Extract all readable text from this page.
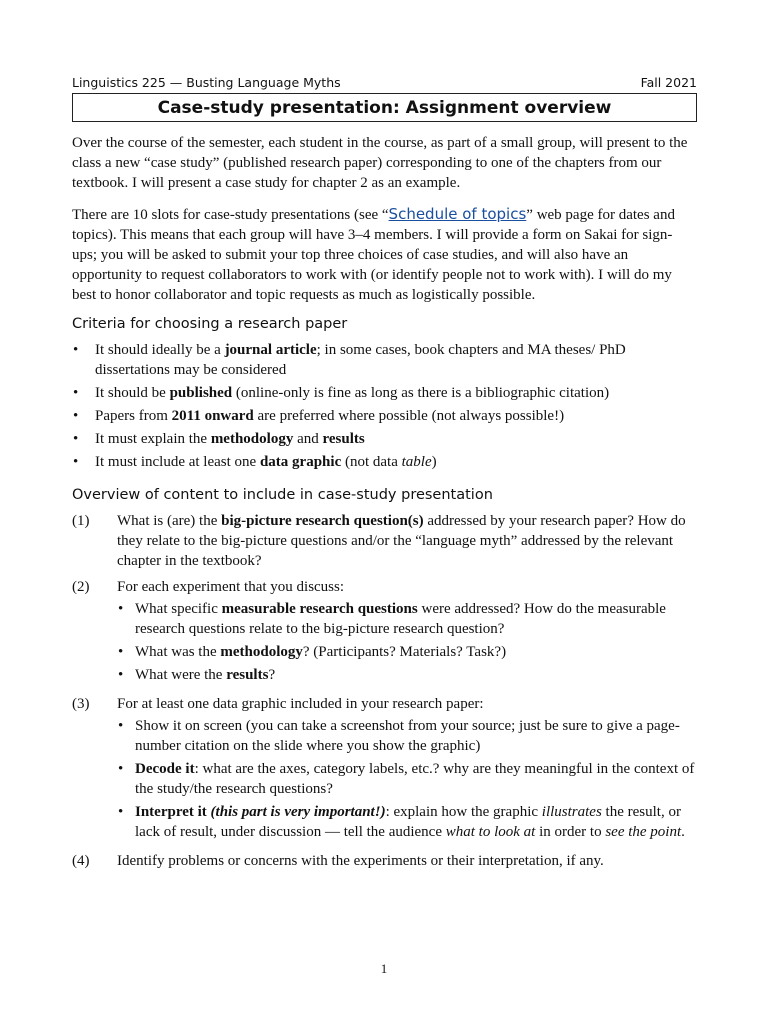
Linguistics 225 — Busting Language Myths	Fall 2021
Case-study presentation: Assignment overview

Over the course of the semester, each student in the course, as part of a small group, will present to the class a new “case study” (published research paper) corresponding to one of the chapters from our textbook. I will present a case study for chapter 2 as an example.

There are 10 slots for case-study presentations (see “Schedule of topics” web page for dates and topics). This means that each group will have 3–4 members. I will provide a form on Sakai for sign-ups; you will be asked to submit your top three choices of case studies, and will also have an opportunity to request collaborators to work with (or identify people not to work with). I will do my best to honor collaborator and topic requests as much as logistically possible.

Criteria for choosing a research paper
• It should ideally be a journal article; in some cases, book chapters and MA theses/ PhD dissertations may be considered
• It should be published (online-only is fine as long as there is a bibliographic citation)
• Papers from 2011 onward are preferred where possible (not always possible!)
• It must explain the methodology and results
• It must include at least one data graphic (not data table)
Overview of content to include in case-study presentation
(1)	What is (are) the big-picture research question(s) addressed by your research paper? How do they relate to the big-picture questions and/or the “language myth” addressed by the relevant chapter in the textbook?
(2)	For each experiment that you discuss:
• What specific measurable research questions were addressed? How do the measurable research questions relate to the big-picture research question?
• What was the methodology? (Participants? Materials? Task?)
• What were the results?
(3)	For at least one data graphic included in your research paper:
• Show it on screen (you can take a screenshot from your source; just be sure to give a page-number citation on the slide where you show the graphic)
• Decode it: what are the axes, category labels, etc.? why are they meaningful in the context of the study/the research questions?
• Interpret it (this part is very important!): explain how the graphic illustrates the result, or lack of result, under discussion — tell the audience what to look at in order to see the point.
(4)	Identify problems or concerns with the experiments or their interpretation, if any.
1
